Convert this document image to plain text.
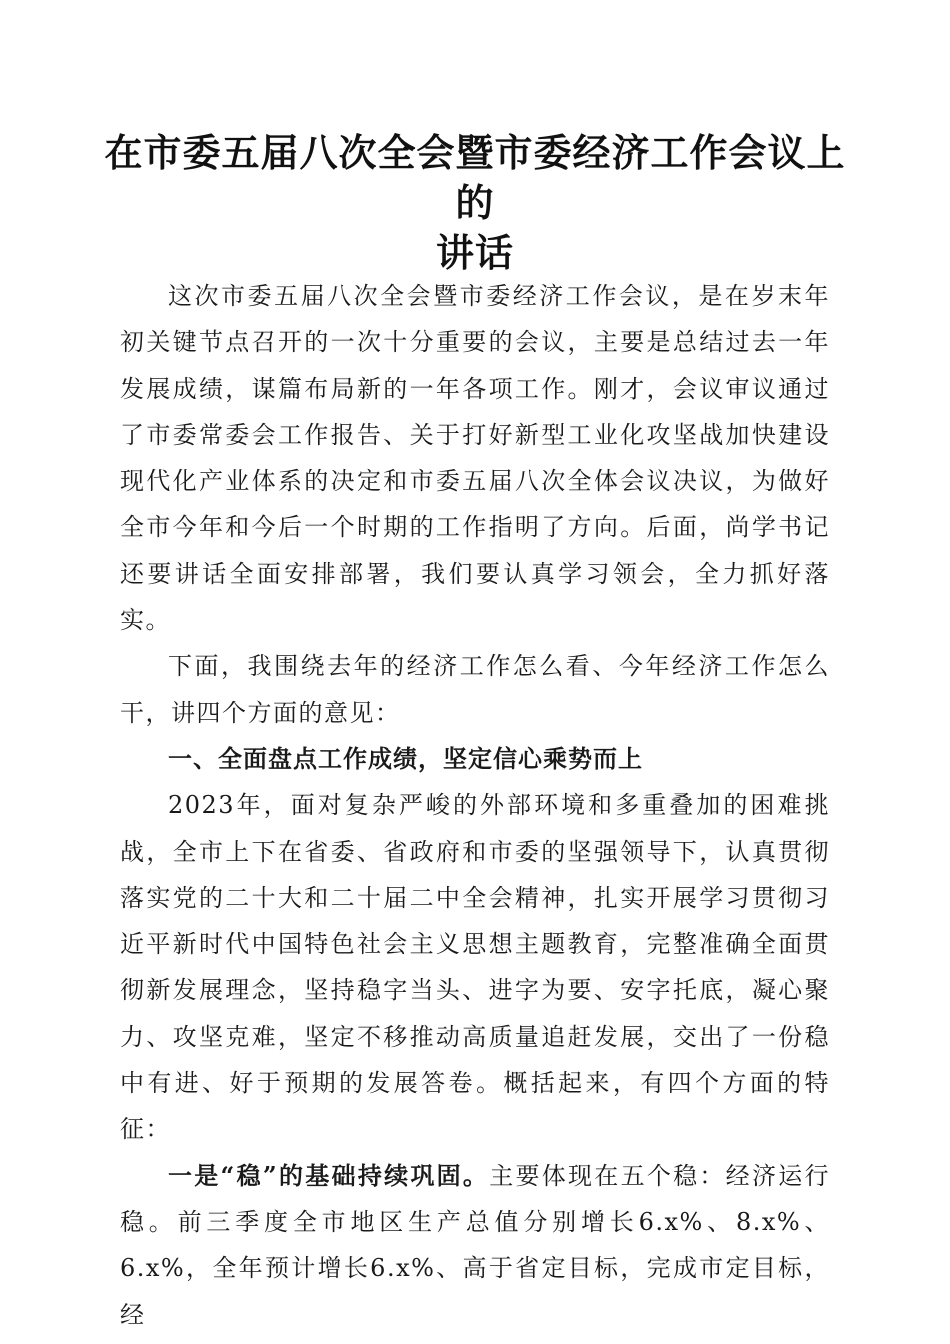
在市委五届八次全会暨市委经济工作会议上的
讲话

这次市委五届八次全会暨市委经济工作会议，是在岁末年初关键节点召开的一次十分重要的会议，主要是总结过去一年发展成绩，谋篇布局新的一年各项工作。刚才，会议审议通过了市委常委会工作报告、关于打好新型工业化攻坚战加快建设现代化产业体系的决定和市委五届八次全体会议决议，为做好全市今年和今后一个时期的工作指明了方向。后面，尚学书记还要讲话全面安排部署，我们要认真学习领会，全力抓好落实。

下面，我围绕去年的经济工作怎么看、今年经济工作怎么干，讲四个方面的意见：

一、全面盘点工作成绩，坚定信心乘势而上

2023年，面对复杂严峻的外部环境和多重叠加的困难挑战，全市上下在省委、省政府和市委的坚强领导下，认真贯彻落实党的二十大和二十届二中全会精神，扎实开展学习贯彻习近平新时代中国特色社会主义思想主题教育，完整准确全面贯彻新发展理念，坚持稳字当头、进字为要、安字托底，凝心聚力、攻坚克难，坚定不移推动高质量追赶发展，交出了一份稳中有进、好于预期的发展答卷。概括起来，有四个方面的特征：

一是“稳”的基础持续巩固。主要体现在五个稳：经济运行稳。前三季度全市地区生产总值分别增长6.x%、8.x%、6.x%，全年预计增长6.x%、高于省定目标，完成市定目标，经
